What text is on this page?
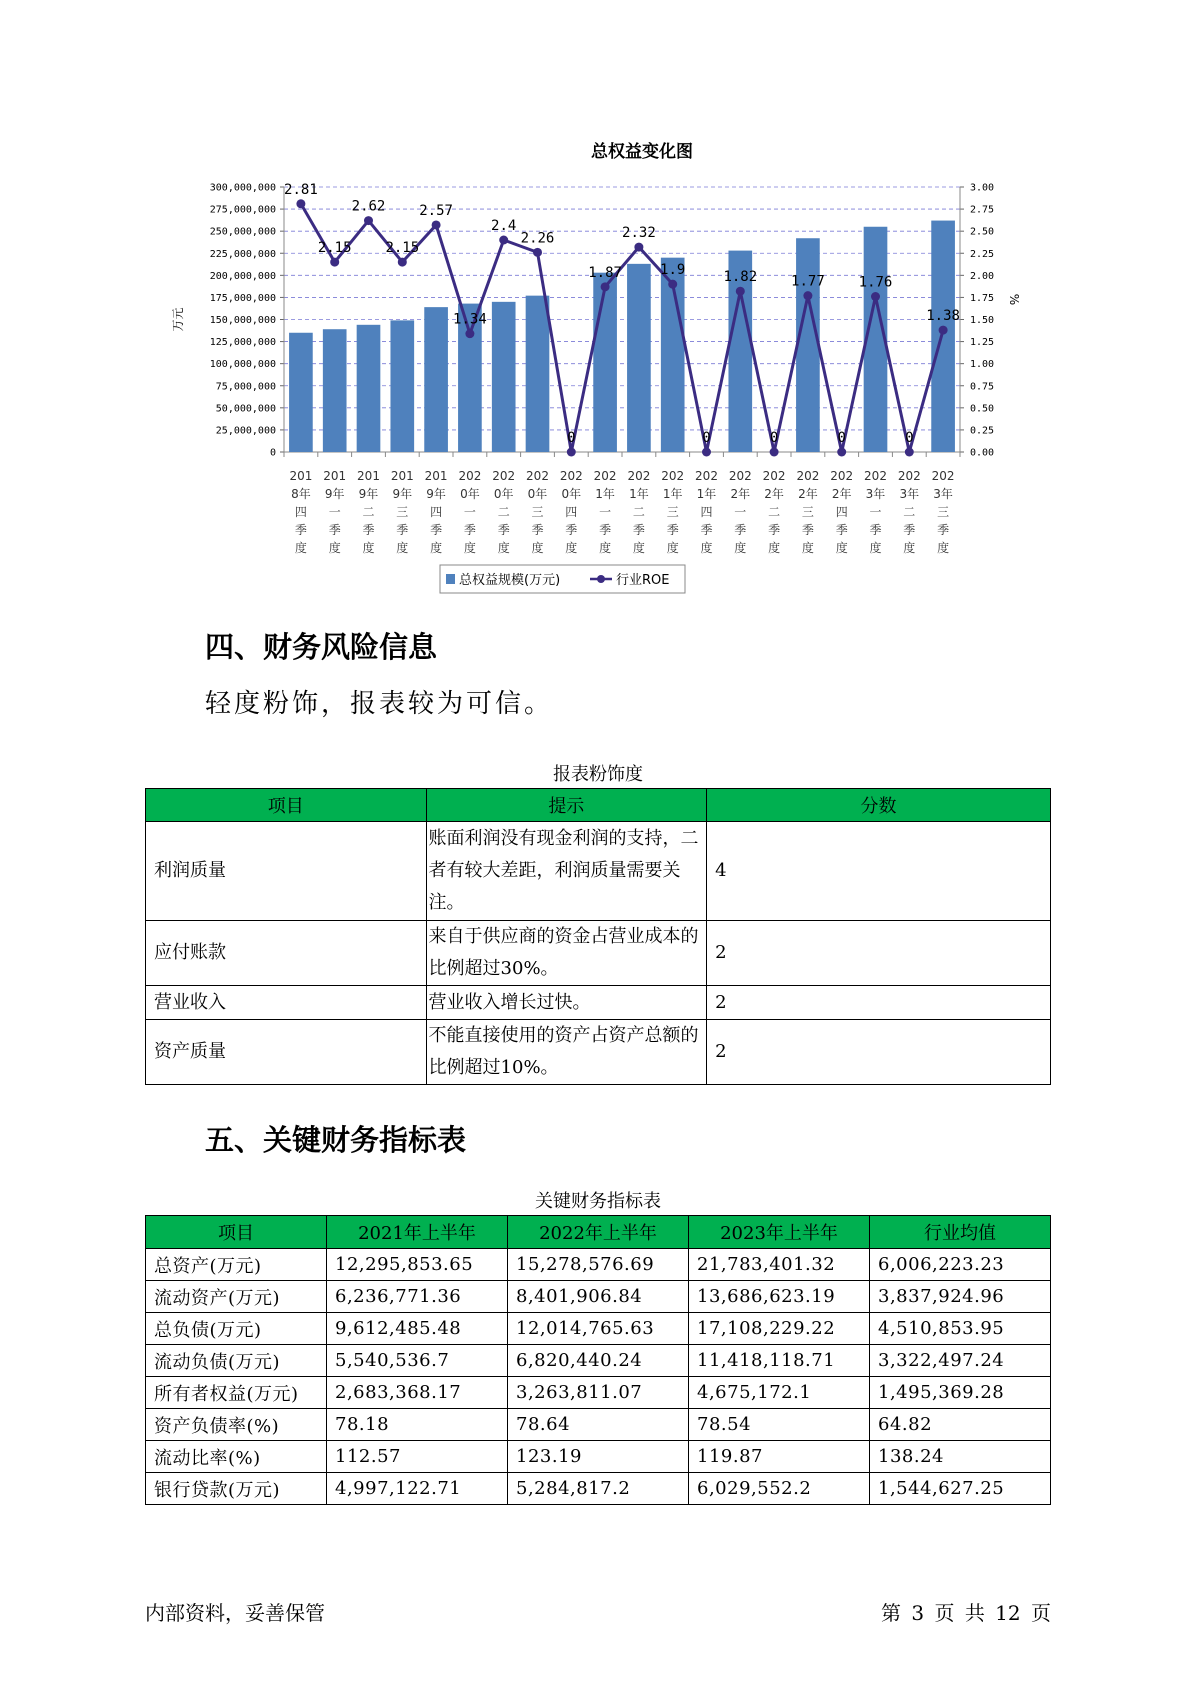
总权益变化图
0
25,000,000
50,000,000
75,000,000
100,000,000
125,000,000
150,000,000
175,000,000
200,000,000
225,000,000
250,000,000
275,000,000
300,000,000
0.00
0.25
0.50
0.75
1.00
1.25
1.50
1.75
2.00
2.25
2.50
2.75
3.00
万元
%
201
8年
四
季
度
201
9年
一
季
度
201
9年
二
季
度
201
9年
三
季
度
201
9年
四
季
度
202
0年
一
季
度
202
0年
二
季
度
202
0年
三
季
度
202
0年
四
季
度
202
1年
一
季
度
202
1年
二
季
度
202
1年
三
季
度
202
1年
四
季
度
202
2年
一
季
度
202
2年
二
季
度
202
2年
三
季
度
202
2年
四
季
度
202
3年
一
季
度
202
3年
二
季
度
202
3年
三
季
度
2.81
2.15
2.62
2.15
2.57
1.34
2.4
2.26
0
1.87
2.32
1.9
0
1.82
0
1.77
0
1.76
0
1.38
总权益规模(万元)	行业ROE
四、财务风险信息

轻度粉饰，报表较为可信。

报表粉饰度
项目	提示	分数
利润质量	账面利润没有现金利润的支持，二者有较大差距，利润质量需要关注。	4
应付账款	来自于供应商的资金占营业成本的比例超过30%。	2
营业收入	营业收入增长过快。	2
资产质量	不能直接使用的资产占资产总额的比例超过10%。	2
五、关键财务指标表
关键财务指标表
项目	2021年上半年	2022年上半年	2023年上半年	行业均值
总资产(万元)	12,295,853.65	15,278,576.69	21,783,401.32	6,006,223.23
流动资产(万元)	6,236,771.36	8,401,906.84	13,686,623.19	3,837,924.96
总负债(万元)	9,612,485.48	12,014,765.63	17,108,229.22	4,510,853.95
流动负债(万元)	5,540,536.7	6,820,440.24	11,418,118.71	3,322,497.24
所有者权益(万元)	2,683,368.17	3,263,811.07	4,675,172.1	1,495,369.28
资产负债率(%)	78.18	78.64	78.54	64.82
流动比率(%)	112.57	123.19	119.87	138.24
银行贷款(万元)	4,997,122.71	5,284,817.2	6,029,552.2	1,544,627.25
内部资料，妥善保管	第 3 页 共 12 页
